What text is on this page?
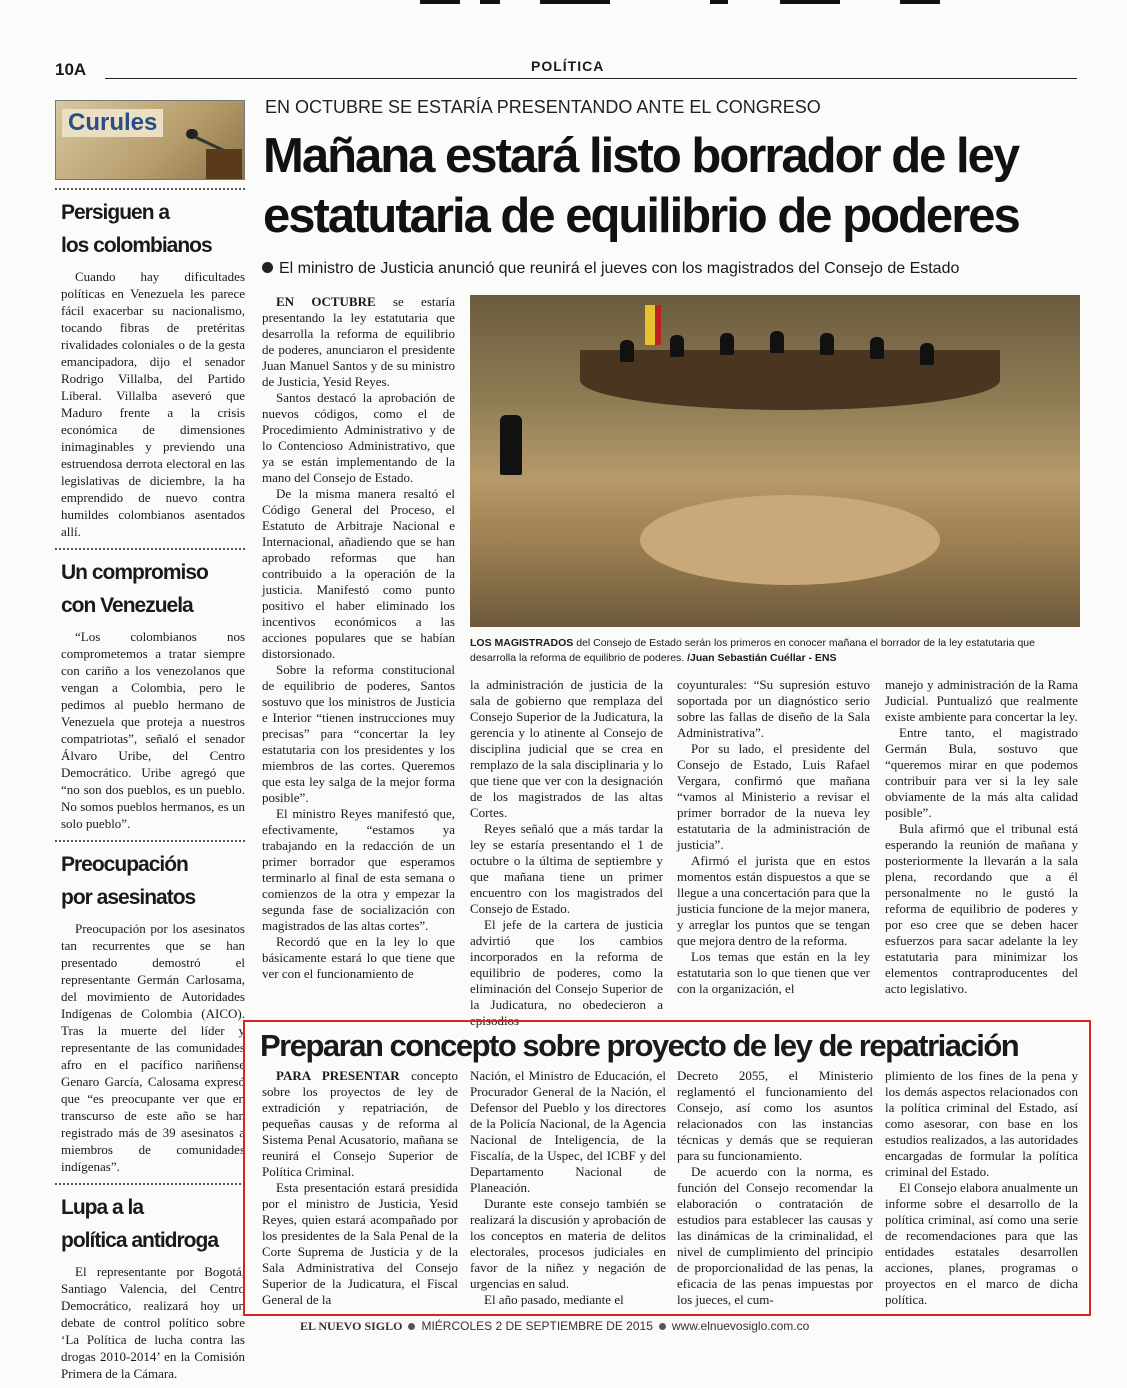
10A	POLÍTICA
Curules
Persiguen a
los colombianos

Cuando hay dificultades políticas en Venezuela les parece fácil exacerbar su nacionalismo, tocando fibras de pretéritas rivalidades coloniales o de la gesta emancipadora, dijo el senador Rodrigo Villalba, del Partido Liberal. Villalba aseveró que Maduro frente a la crisis económica de dimensiones inimaginables y previendo una estruendosa derrota electoral en las legislativas de diciembre, la ha emprendido de nuevo contra humildes colombianos asentados allí.

Un compromiso
con Venezuela

“Los colombianos nos comprometemos a tratar siempre con cariño a los venezolanos que vengan a Colombia, pero le pedimos al pueblo hermano de Venezuela que proteja a nuestros compatriotas”, señaló el senador Álvaro Uribe, del Centro Democrático. Uribe agregó que “no son dos pueblos, es un pueblo. No somos pueblos hermanos, es un solo pueblo”.

Preocupación
por asesinatos

Preocupación por los asesinatos tan recurrentes que se han presentado demostró el representante Germán Carlosama, del movimiento de Autoridades Indígenas de Colombia (AICO). Tras la muerte del líder y representante de las comunidades afro en el pacífico nariñense Genaro García, Calosama expresó que “es preocupante ver que en transcurso de este año se han registrado más de 39 asesinatos a miembros de comunidades indígenas”.

Lupa a la
política antidroga

El representante por Bogotá, Santiago Valencia, del Centro Democrático, realizará hoy un debate de control político sobre ‘La Política de lucha contra las drogas 2010-2014’ en la Comisión Primera de la Cámara.

EN OCTUBRE SE ESTARÍA PRESENTANDO ANTE EL CONGRESO
Mañana estará listo borrador de ley
estatutaria de equilibrio de poderes
El ministro de Justicia anunció que reunirá el jueves con los magistrados del Consejo de Estado

EN OCTUBRE se estaría presentando la ley estatutaria que desarrolla la reforma de equilibrio de poderes, anunciaron el presidente Juan Manuel Santos y de su ministro de Justicia, Yesid Reyes.

Santos destacó la aprobación de nuevos códigos, como el de Procedimiento Administrativo y de lo Contencioso Administrativo, que ya se están implementando de la mano del Consejo de Estado.

De la misma manera resaltó el Código General del Proceso, el Estatuto de Arbitraje Nacional e Internacional, añadiendo que se han aprobado reformas que han contribuido a la operación de la justicia. Manifestó como punto positivo el haber eliminado los incentivos económicos a las acciones populares que se habían distorsionado.

Sobre la reforma constitucional de equilibrio de poderes, Santos sostuvo que los ministros de Justicia e Interior “tienen instrucciones muy precisas” para “concertar la ley estatutaria con los presidentes y los miembros de las cortes. Queremos que esta ley salga de la mejor forma posible”.

El ministro Reyes manifestó que, efectivamente, “estamos ya trabajando en la redacción de un primer borrador que esperamos terminarlo al final de esta semana o comienzos de la otra y empezar la segunda fase de socialización con magistrados de las altas cortes”.

Recordó que en la ley lo que básicamente estará lo que tiene que ver con el funcionamiento de

LOS MAGISTRADOS del Consejo de Estado serán los primeros en conocer mañana el borrador de la ley estatutaria que desarrolla la reforma de equilibrio de poderes. /Juan Sebastián Cuéllar - ENS

la administración de justicia de la sala de gobierno que remplaza del Consejo Superior de la Judicatura, la gerencia y lo atinente al Consejo de disciplina judicial que se crea en remplazo de la sala disciplinaria y lo que tiene que ver con la designación de los magistrados de las altas Cortes.

Reyes señaló que a más tardar la ley se estaría presentando el 1 de octubre o la última de septiembre y que mañana tiene un primer encuentro con los magistrados del Consejo de Estado.

El jefe de la cartera de justicia advirtió que los cambios incorporados en la reforma de equilibrio de poderes, como la eliminación del Consejo Superior de la Judicatura, no obedecieron a episodios

coyunturales: “Su supresión estuvo soportada por un diagnóstico serio sobre las fallas de diseño de la Sala Administrativa”.

Por su lado, el presidente del Consejo de Estado, Luis Rafael Vergara, confirmó que mañana “vamos al Ministerio a revisar el primer borrador de la nueva ley estatutaria de la administración de justicia”.

Afirmó el jurista que en estos momentos están dispuestos a que se llegue a una concertación para que la justicia funcione de la mejor manera, y arreglar los puntos que se tengan que mejora dentro de la reforma.

Los temas que están en la ley estatutaria son lo que tienen que ver con la organización, el

manejo y administración de la Rama Judicial. Puntualizó que realmente existe ambiente para concertar la ley.

Entre tanto, el magistrado Germán Bula, sostuvo que “queremos mirar en que podemos contribuir para ver si la ley sale obviamente de la más alta calidad posible”.

Bula afirmó que el tribunal está esperando la reunión de mañana y posteriormente la llevarán a la sala plena, recordando que a él personalmente no le gustó la reforma de equilibrio de poderes y por eso cree que se deben hacer esfuerzos para sacar adelante la ley estatutaria para minimizar los elementos contraproducentes del acto legislativo.

Preparan concepto sobre proyecto de ley de repatriación

PARA PRESENTAR concepto sobre los proyectos de ley de extradición y repatriación, de pequeñas causas y de reforma al Sistema Penal Acusatorio, mañana se reunirá el Consejo Superior de Política Criminal.

Esta presentación estará presidida por el ministro de Justicia, Yesid Reyes, quien estará acompañado por los presidentes de la Sala Penal de la Corte Suprema de Justicia y de la Sala Administrativa del Consejo Superior de la Judicatura, el Fiscal General de la

Nación, el Ministro de Educación, el Procurador General de la Nación, el Defensor del Pueblo y los directores de la Policía Nacional, de la Agencia Nacional de Inteligencia, de la Fiscalía, de la Uspec, del ICBF y del Departamento Nacional de Planeación.

Durante este consejo también se realizará la discusión y aprobación de los conceptos en materia de delitos electorales, procesos judiciales en favor de la niñez y negación de urgencias en salud.

El año pasado, mediante el

Decreto 2055, el Ministerio reglamentó el funcionamiento del Consejo, así como los asuntos relacionados con las instancias técnicas y demás que se requieran para su funcionamiento.

De acuerdo con la norma, es función del Consejo recomendar la elaboración o contratación de estudios para establecer las causas y las dinámicas de la criminalidad, el nivel de cumplimiento del principio de proporcionalidad de las penas, la eficacia de las penas impuestas por los jueces, el cum-

plimiento de los fines de la pena y los demás aspectos relacionados con la política criminal del Estado, así como asesorar, con base en los estudios realizados, a las autoridades encargadas de formular la política criminal del Estado.

El Consejo elabora anualmente un informe sobre el desarrollo de la política criminal, así como una serie de recomendaciones para que las entidades estatales desarrollen acciones, planes, programas o proyectos en el marco de dicha política.

EL NUEVO SIGLO MIÉRCOLES 2 DE SEPTIEMBRE DE 2015 www.elnuevosiglo.com.co
